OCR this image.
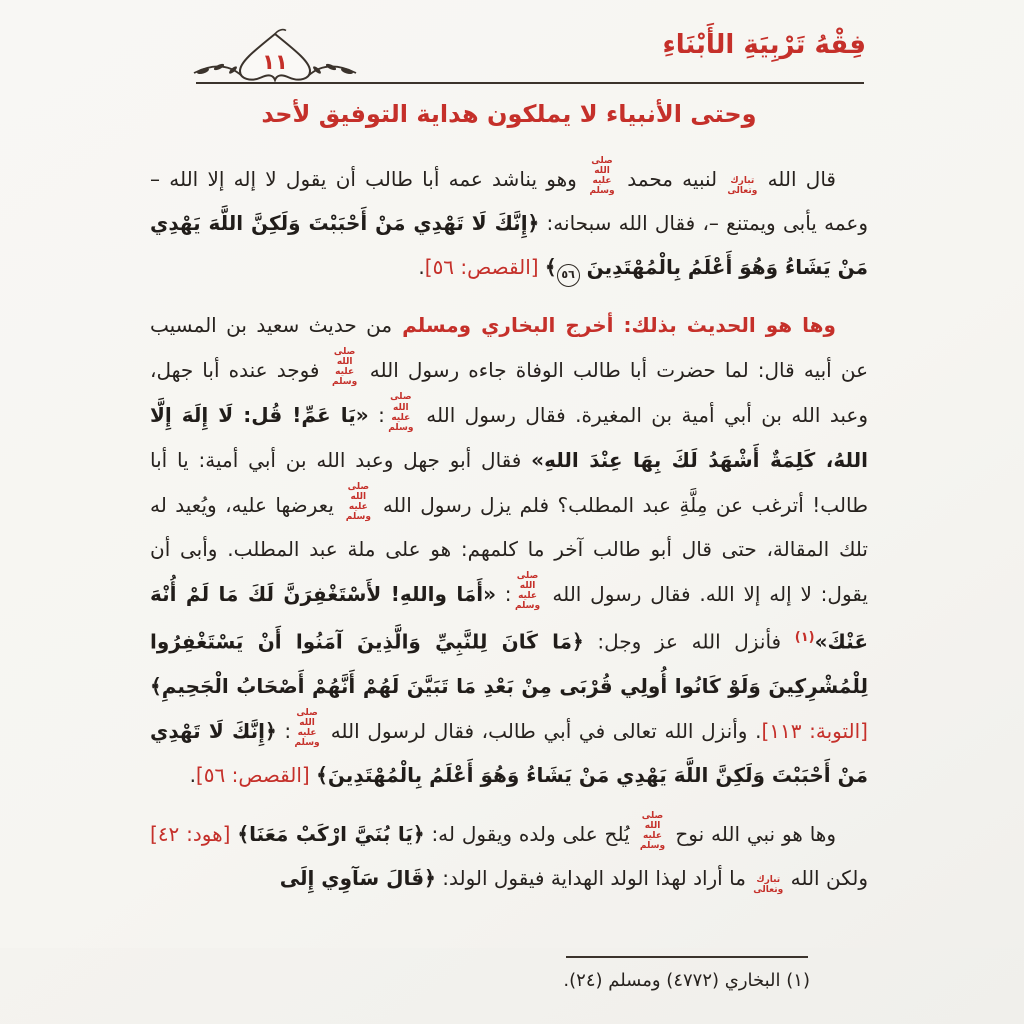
فِقْهُ تَرْبِيَةِ الأَبْنَاءِ
١١
وحتى الأنبياء لا يملكون هداية التوفيق لأحد

قال الله تبارك وتعالى لنبيه محمد صلى الله عليه وسلم وهو يناشد عمه أبا طالب أن يقول لا إله إلا الله – وعمه يأبى ويمتنع –، فقال الله سبحانه: ﴿إِنَّكَ لَا تَهْدِي مَنْ أَحْبَبْتَ وَلَكِنَّ اللَّهَ يَهْدِي مَنْ يَشَاءُ وَهُوَ أَعْلَمُ بِالْمُهْتَدِينَ ٥٦﴾ [القصص: ٥٦].

وها هو الحديث بذلك: أخرج البخاري ومسلم من حديث سعيد بن المسيب عن أبيه قال: لما حضرت أبا طالب الوفاة جاءه رسول الله صلى الله عليه وسلم فوجد عنده أبا جهل، وعبد الله بن أبي أمية بن المغيرة. فقال رسول الله صلى الله عليه وسلم: «يَا عَمِّ! قُل: لَا إِلَهَ إِلَّا اللهُ، كَلِمَةٌ أَشْهَدُ لَكَ بِهَا عِنْدَ اللهِ» فقال أبو جهل وعبد الله بن أبي أمية: يا أبا طالب! أترغب عن مِلَّةِ عبد المطلب؟ فلم يزل رسول الله صلى الله عليه وسلم يعرضها عليه، ويُعيد له تلك المقالة، حتى قال أبو طالب آخر ما كلمهم: هو على ملة عبد المطلب. وأبى أن يقول: لا إله إلا الله. فقال رسول الله صلى الله عليه وسلم: «أَمَا واللهِ! لأَسْتَغْفِرَنَّ لَكَ مَا لَمْ أُنْهَ عَنْكَ»$^{(١)}$ فأنزل الله عز وجل: ﴿مَا كَانَ لِلنَّبِيِّ وَالَّذِينَ آمَنُوا أَنْ يَسْتَغْفِرُوا لِلْمُشْرِكِينَ وَلَوْ كَانُوا أُولِي قُرْبَى مِنْ بَعْدِ مَا تَبَيَّنَ لَهُمْ أَنَّهُمْ أَصْحَابُ الْجَحِيمِ﴾ [التوبة: ١١٣]. وأنزل الله تعالى في أبي طالب، فقال لرسول الله صلى الله عليه وسلم: ﴿إِنَّكَ لَا تَهْدِي مَنْ أَحْبَبْتَ وَلَكِنَّ اللَّهَ يَهْدِي مَنْ يَشَاءُ وَهُوَ أَعْلَمُ بِالْمُهْتَدِينَ﴾ [القصص: ٥٦].

وها هو نبي الله نوح صلى الله عليه وسلم يُلح على ولده ويقول له: ﴿يَا بُنَيَّ ارْكَبْ مَعَنَا﴾ [هود: ٤٢] ولكن الله تبارك وتعالى ما أراد لهذا الولد الهداية فيقول الولد: ﴿قَالَ سَآوِي إِلَى

(١) البخاري (٤٧٧٢) ومسلم (٢٤).
